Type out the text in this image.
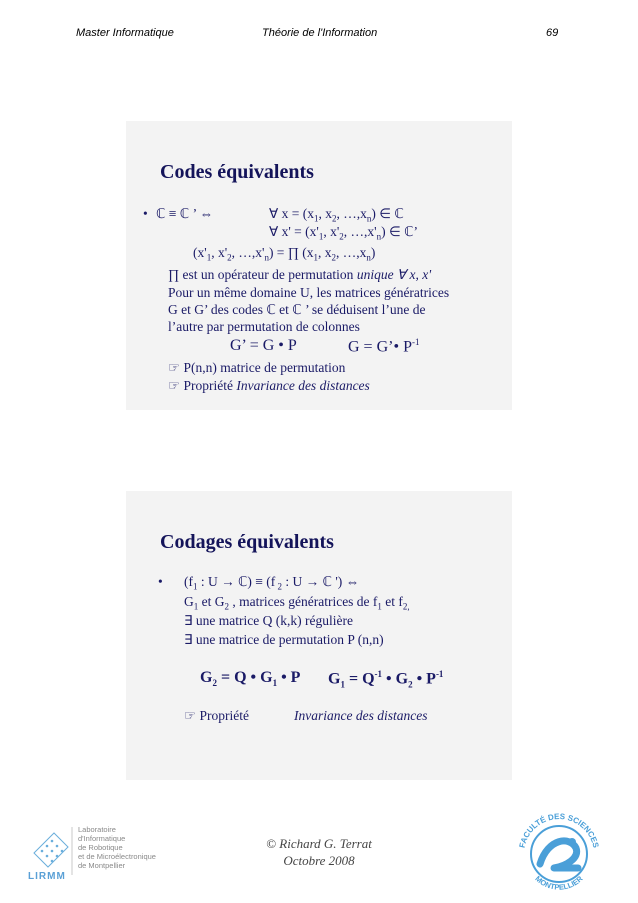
Master Informatique	Théorie de l'Information	69
Codes équivalents
• ℂ ≡ ℂ ’ ⇔	∀ $x = (x_1$, $x_2$, $\dots,x_n$) ∈ ℂ
∀ $x' = (x'_1$, $x'_2$, $\dots,x'_n$) ∈ ℂ’
($x'_1$, $x'_2$, $\dots,x'_n$) = ∏ ($x_1$, $x_2$, $\dots,x_n$)
∏ est un opérateur de permutation unique ∀ x, x'
Pour un même domaine U, les matrices génératrices
G et G’ des codes ℂ et ℂ ’ se déduisent l’une de
l’autre par permutation de colonnes
G’ = G • P	G = G’• $P^{-1}$
☞ P(n,n) matrice de permutation
☞ Propriété Invariance des distances
Codages équivalents
• ($f_1$ : U → ℂ) ≡ (f $_2$ : U → ℂ ') ⇔
$G_1$ et $G_2$ , matrices génératrices de $f_1$ et $f_{2,}$
∃ une matrice Q (k,k) régulière
∃ une matrice de permutation P (n,n)
$G_2 = Q$ • $G_1$ • P $G_1 = Q^{-1}$ • $G_2$ • $P^{-1}$
☞ Propriété	Invariance des distances
© Richard G. Terrat
Octobre 2008
Laboratoire
d'Informatique
de Robotique
et de Microélectronique
de Montpellier
LIRMM
FACULTÉ DES SCIENCES
MONTPELLIER
